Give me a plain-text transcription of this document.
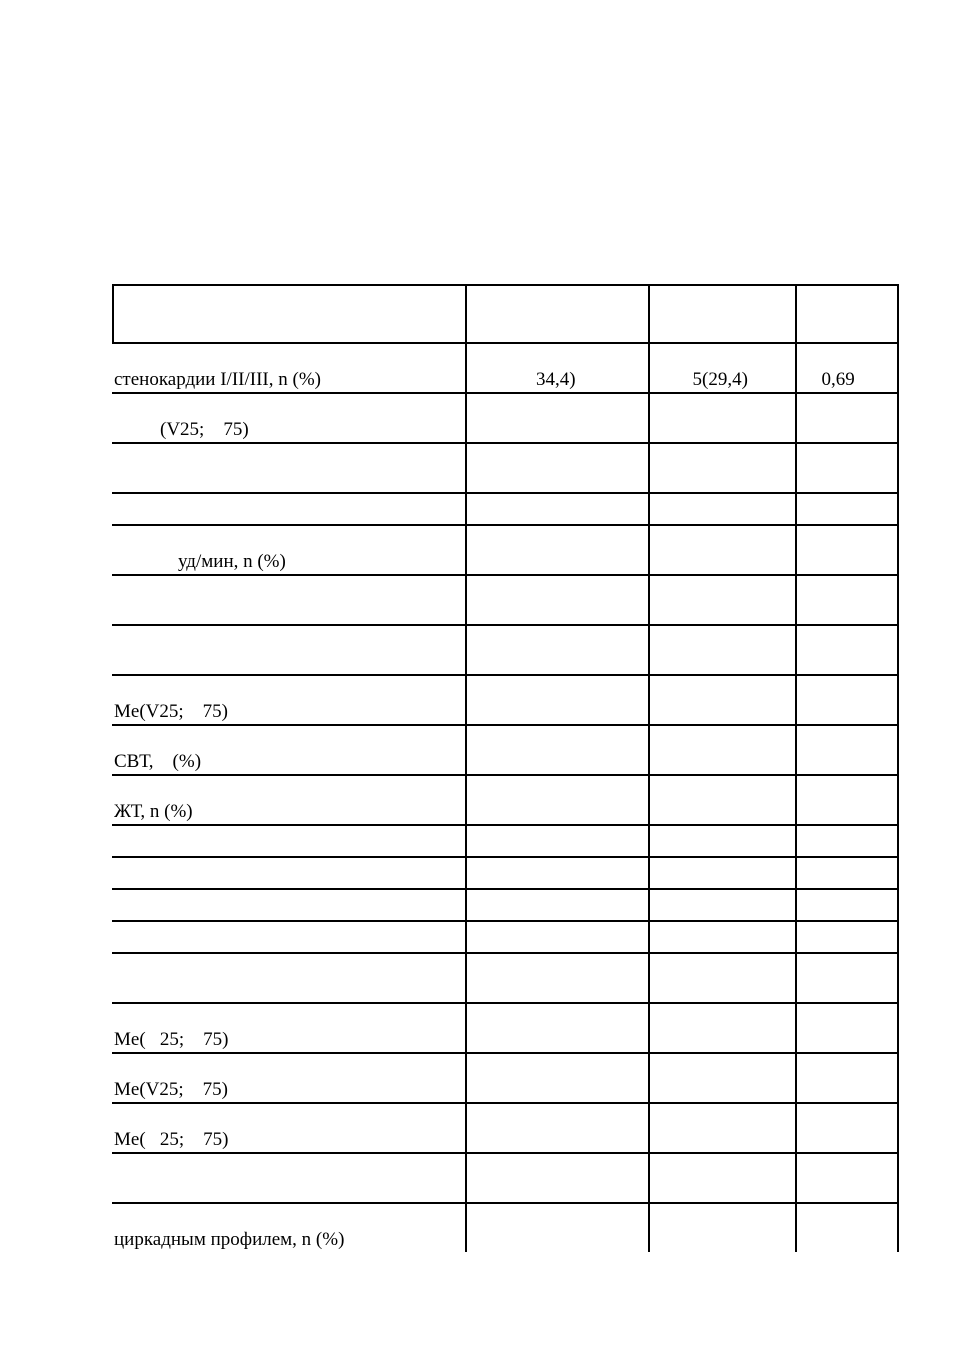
стенокардии I/II/III, n (%)	34,4)	5(29,4)	0,69
(V25;    75)
уд/мин, n (%)
Me(V25;    75)
СВТ,    (%)
ЖТ, n (%)
Me(   25;    75)
Me(V25;    75)
Me(   25;    75)
циркадным профилем, n (%)
